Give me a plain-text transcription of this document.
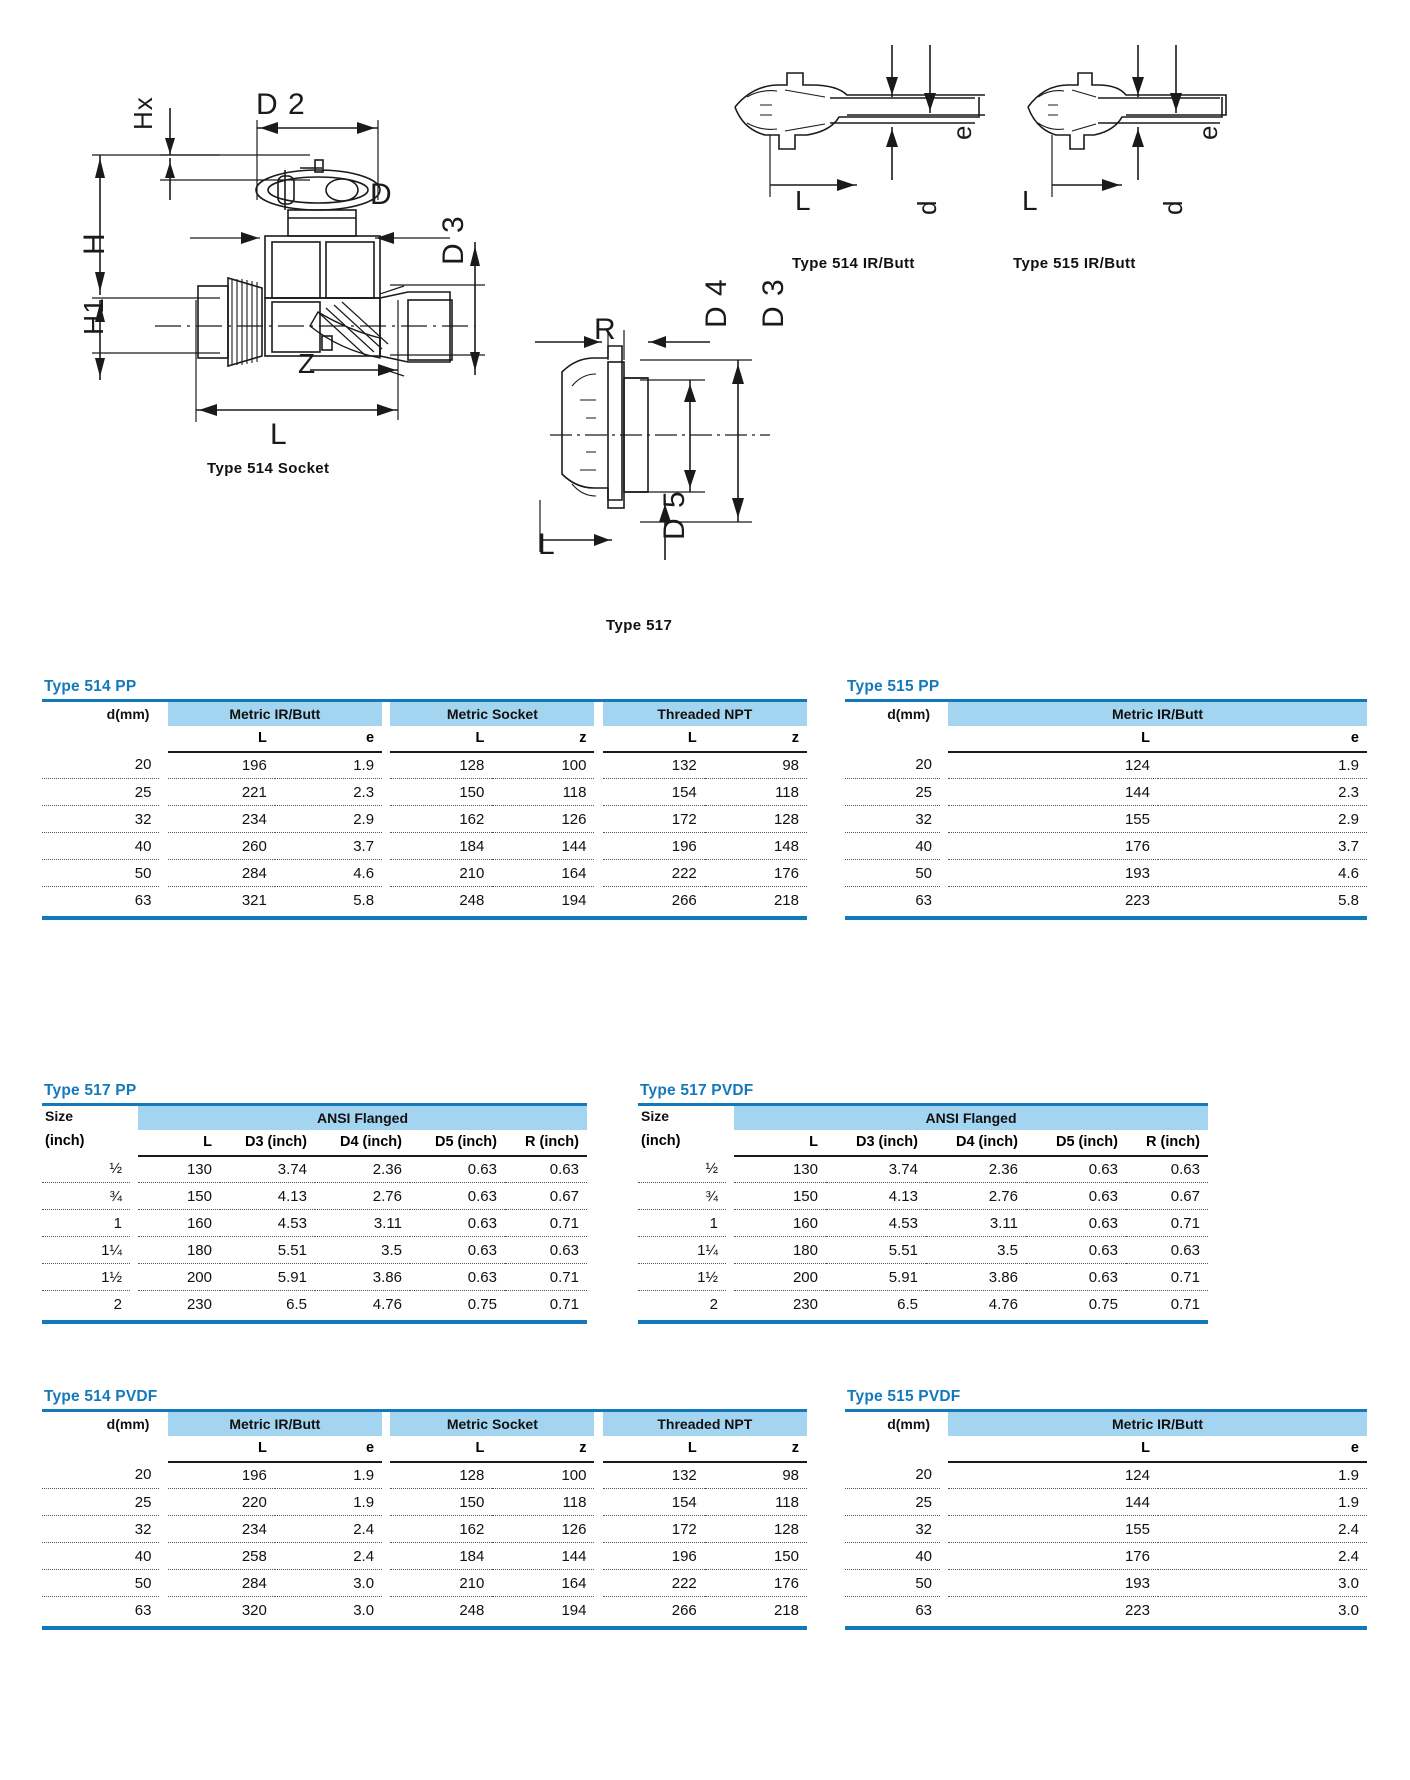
Hx
H
H1
D 2
D
D 3
Z
L
Type 514 Socket
e
d
L
Type 514 IR/Butt
e
d
L
Type 515 IR/Butt
R
D 4 D 3
D 5
L
Type 517
Type 514 PP
d(mm)		Metric IR/Butt			Metric Socket			Threaded NPT	
		L	e		L	z		L	z
20		196	1.9		128	100		132	98
25		221	2.3		150	118		154	118
32		234	2.9		162	126		172	128
40		260	3.7		184	144		196	148
50		284	4.6		210	164		222	176
63		321	5.8		248	194		266	218
Type 515 PP
d(mm)		Metric IR/Butt	
		L	e
20		124	1.9
25		144	2.3
32		155	2.9
40		176	3.7
50		193	4.6
63		223	5.8
Type 517 PP
Size		ANSI Flanged				
(inch)		L	D3 (inch)	D4 (inch)	D5 (inch)	R (inch)
½		130	3.74	2.36	0.63	0.63
¾		150	4.13	2.76	0.63	0.67
1		160	4.53	3.11	0.63	0.71
1¼		180	5.51	3.5	0.63	0.63
1½		200	5.91	3.86	0.63	0.71
2		230	6.5	4.76	0.75	0.71
Type 517 PVDF
Size		ANSI Flanged				
(inch)		L	D3 (inch)	D4 (inch)	D5 (inch)	R (inch)
½		130	3.74	2.36	0.63	0.63
¾		150	4.13	2.76	0.63	0.67
1		160	4.53	3.11	0.63	0.71
1¼		180	5.51	3.5	0.63	0.63
1½		200	5.91	3.86	0.63	0.71
2		230	6.5	4.76	0.75	0.71
Type 514 PVDF
d(mm)		Metric IR/Butt			Metric Socket			Threaded NPT	
		L	e		L	z		L	z
20		196	1.9		128	100		132	98
25		220	1.9		150	118		154	118
32		234	2.4		162	126		172	128
40		258	2.4		184	144		196	150
50		284	3.0		210	164		222	176
63		320	3.0		248	194		266	218
Type 515 PVDF
d(mm)		Metric IR/Butt	
		L	e
20		124	1.9
25		144	1.9
32		155	2.4
40		176	2.4
50		193	3.0
63		223	3.0
